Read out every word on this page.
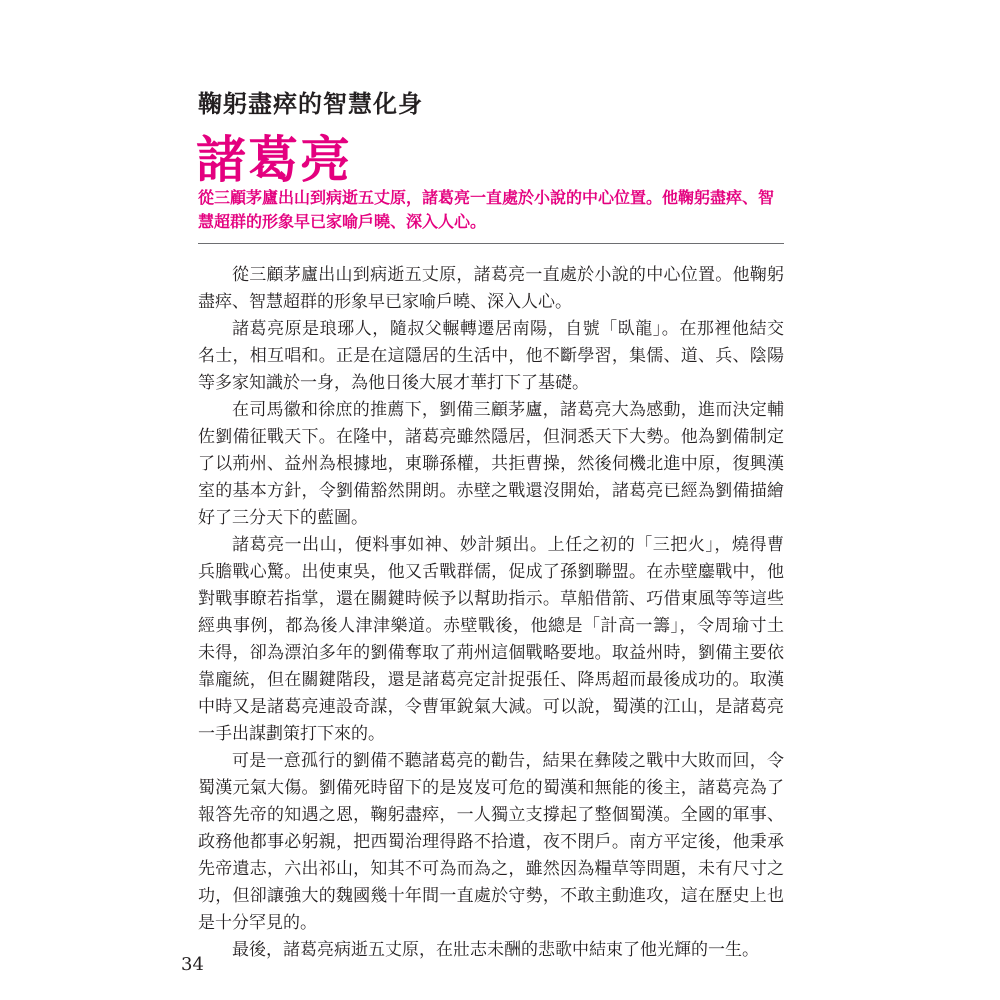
鞠躬盡瘁的智慧化身
諸葛亮
從三顧茅廬出山到病逝五丈原，諸葛亮一直處於小說的中心位置。他鞠躬盡瘁、智慧超群的形象早已家喻戶曉、深入人心。

從三顧茅廬出山到病逝五丈原，諸葛亮一直處於小說的中心位置。他鞠躬盡瘁、智慧超群的形象早已家喻戶曉、深入人心。

諸葛亮原是琅琊人，隨叔父輾轉遷居南陽，自號「臥龍」。在那裡他結交名士，相互唱和。正是在這隱居的生活中，他不斷學習，集儒、道、兵、陰陽等多家知識於一身，為他日後大展才華打下了基礎。

在司馬徽和徐庶的推薦下，劉備三顧茅廬，諸葛亮大為感動，進而決定輔佐劉備征戰天下。在隆中，諸葛亮雖然隱居，但洞悉天下大勢。他為劉備制定了以荊州、益州為根據地，東聯孫權，共拒曹操，然後伺機北進中原，復興漢室的基本方針，令劉備豁然開朗。赤壁之戰還沒開始，諸葛亮已經為劉備描繪好了三分天下的藍圖。

諸葛亮一出山，便料事如神、妙計頻出。上任之初的「三把火」，燒得曹兵膽戰心驚。出使東吳，他又舌戰群儒，促成了孫劉聯盟。在赤壁鏖戰中，他對戰事瞭若指掌，還在關鍵時候予以幫助指示。草船借箭、巧借東風等等這些經典事例，都為後人津津樂道。赤壁戰後，他總是「計高一籌」，令周瑜寸土未得，卻為漂泊多年的劉備奪取了荊州這個戰略要地。取益州時，劉備主要依靠龐統，但在關鍵階段，還是諸葛亮定計捉張任、降馬超而最後成功的。取漢中時又是諸葛亮連設奇謀，令曹軍銳氣大減。可以說，蜀漢的江山，是諸葛亮一手出謀劃策打下來的。

可是一意孤行的劉備不聽諸葛亮的勸告，結果在彝陵之戰中大敗而回，令蜀漢元氣大傷。劉備死時留下的是岌岌可危的蜀漢和無能的後主，諸葛亮為了報答先帝的知遇之恩，鞠躬盡瘁，一人獨立支撐起了整個蜀漢。全國的軍事、政務他都事必躬親，把西蜀治理得路不拾遺，夜不閉戶。南方平定後，他秉承先帝遺志，六出祁山，知其不可為而為之，雖然因為糧草等問題，未有尺寸之功，但卻讓強大的魏國幾十年間一直處於守勢，不敢主動進攻，這在歷史上也是十分罕見的。

最後，諸葛亮病逝五丈原，在壯志未酬的悲歌中結束了他光輝的一生。

34
